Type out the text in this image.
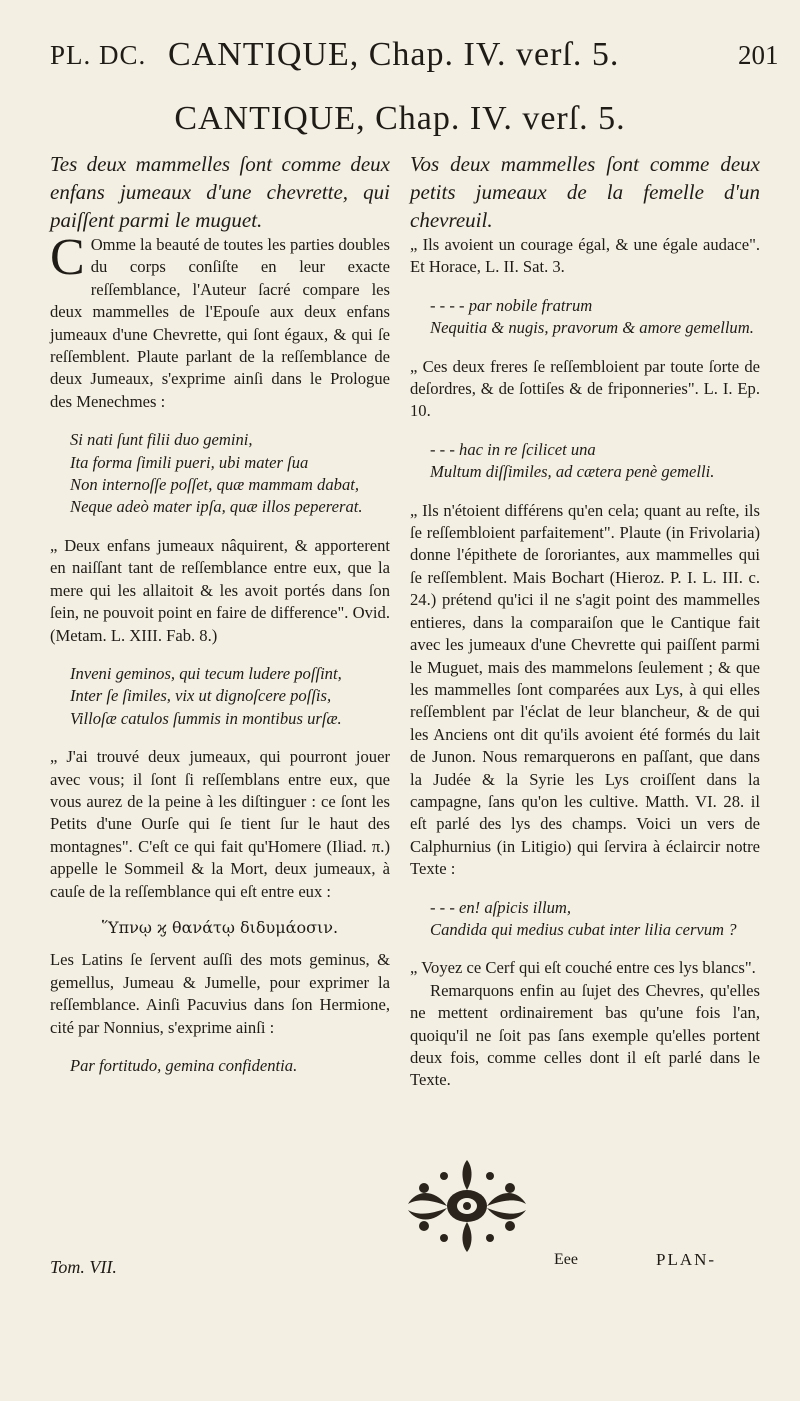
PL. DC. CANTIQUE, Chap. IV. verſ. 5.	201
CANTIQUE, Chap. IV. verſ. 5.

Tes deux mammelles ſont comme deux enfans jumeaux d'une chevrette, qui paiſſent parmi le muguet.

C Omme la beauté de toutes les parties doubles du corps conſiſte en leur exacte reſſemblance, l'Auteur ſacré compare les deux mammelles de l'Epouſe aux deux enfans jumeaux d'une Chevrette, qui ſont égaux, & qui ſe reſſemblent. Plaute parlant de la reſſemblance de deux Jumeaux, s'exprime ainſi dans le Prologue des Menechmes :

Si nati ſunt filii duo gemini,
Ita forma ſimili pueri, ubi mater ſua
Non internoſſe poſſet, quæ mammam dabat,
Neque adeò mater ipſa, quæ illos pepererat.

„ Deux enfans jumeaux nâquirent, & apporterent en naiſſant tant de reſſemblance entre eux, que la mere qui les allaitoit & les avoit portés dans ſon ſein, ne pouvoit point en faire de difference". Ovid. (Metam. L. XIII. Fab. 8.)

Inveni geminos, qui tecum ludere poſſint,
Inter ſe ſimiles, vix ut dignoſcere poſſis,
Villoſæ catulos ſummis in montibus urſæ.

„ J'ai trouvé deux jumeaux, qui pourront jouer avec vous; il ſont ſi reſſemblans entre eux, que vous aurez de la peine à les diſtinguer : ce ſont les Petits d'une Ourſe qui ſe tient ſur le haut des montagnes". C'eſt ce qui fait qu'Homere (Iliad. π.) appelle le Sommeil & la Mort, deux jumeaux, à cauſe de la reſſemblance qui eſt entre eux :

Ὕπνῳ ϗ θανάτῳ διδυμάοσιν.

Les Latins ſe ſervent auſſi des mots geminus, & gemellus, Jumeau & Jumelle, pour exprimer la reſſemblance. Ainſi Pacuvius dans ſon Hermione, cité par Nonnius, s'exprime ainſi :

Par fortitudo, gemina confidentia.

Vos deux mammelles ſont comme deux petits jumeaux de la femelle d'un chevreuil.

„ Ils avoient un courage égal, & une égale audace". Et Horace, L. II. Sat. 3.

- - - - par nobile fratrum
Nequitia & nugis, pravorum & amore gemellum.

„ Ces deux freres ſe reſſembloient par toute ſorte de deſordres, & de ſottiſes & de friponneries". L. I. Ep. 10.

- - - hac in re ſcilicet una
Multum diſſimiles, ad cætera penè gemelli.

„ Ils n'étoient différens qu'en cela; quant au reſte, ils ſe reſſembloient parfaitement". Plaute (in Frivolaria) donne l'épithete de ſororiantes, aux mammelles qui ſe reſſemblent. Mais Bochart (Hieroz. P. I. L. III. c. 24.) prétend qu'ici il ne s'agit point des mammelles entieres, dans la comparaiſon que le Cantique fait avec les jumeaux d'une Chevrette qui paiſſent parmi le Muguet, mais des mammelons ſeulement ; & que les mammelles ſont comparées aux Lys, à qui elles reſſemblent par l'éclat de leur blancheur, & de qui les Anciens ont dit qu'ils avoient été formés du lait de Junon. Nous remarquerons en paſſant, que dans la Judée & la Syrie les Lys croiſſent dans la campagne, ſans qu'on les cultive. Matth. VI. 28. il eſt parlé des lys des champs. Voici un vers de Calphurnius (in Litigio) qui ſervira à éclaircir notre Texte :

- - - en! aſpicis illum,
Candida qui medius cubat inter lilia cervum ?

„ Voyez ce Cerf qui eſt couché entre ces lys blancs".

Remarquons enfin au ſujet des Chevres, qu'elles ne mettent ordinairement bas qu'une fois l'an, quoiqu'il ne ſoit pas ſans exemple qu'elles portent deux fois, comme celles dont il eſt parlé dans le Texte.

Tom. VII.	Eee	PLAN-
